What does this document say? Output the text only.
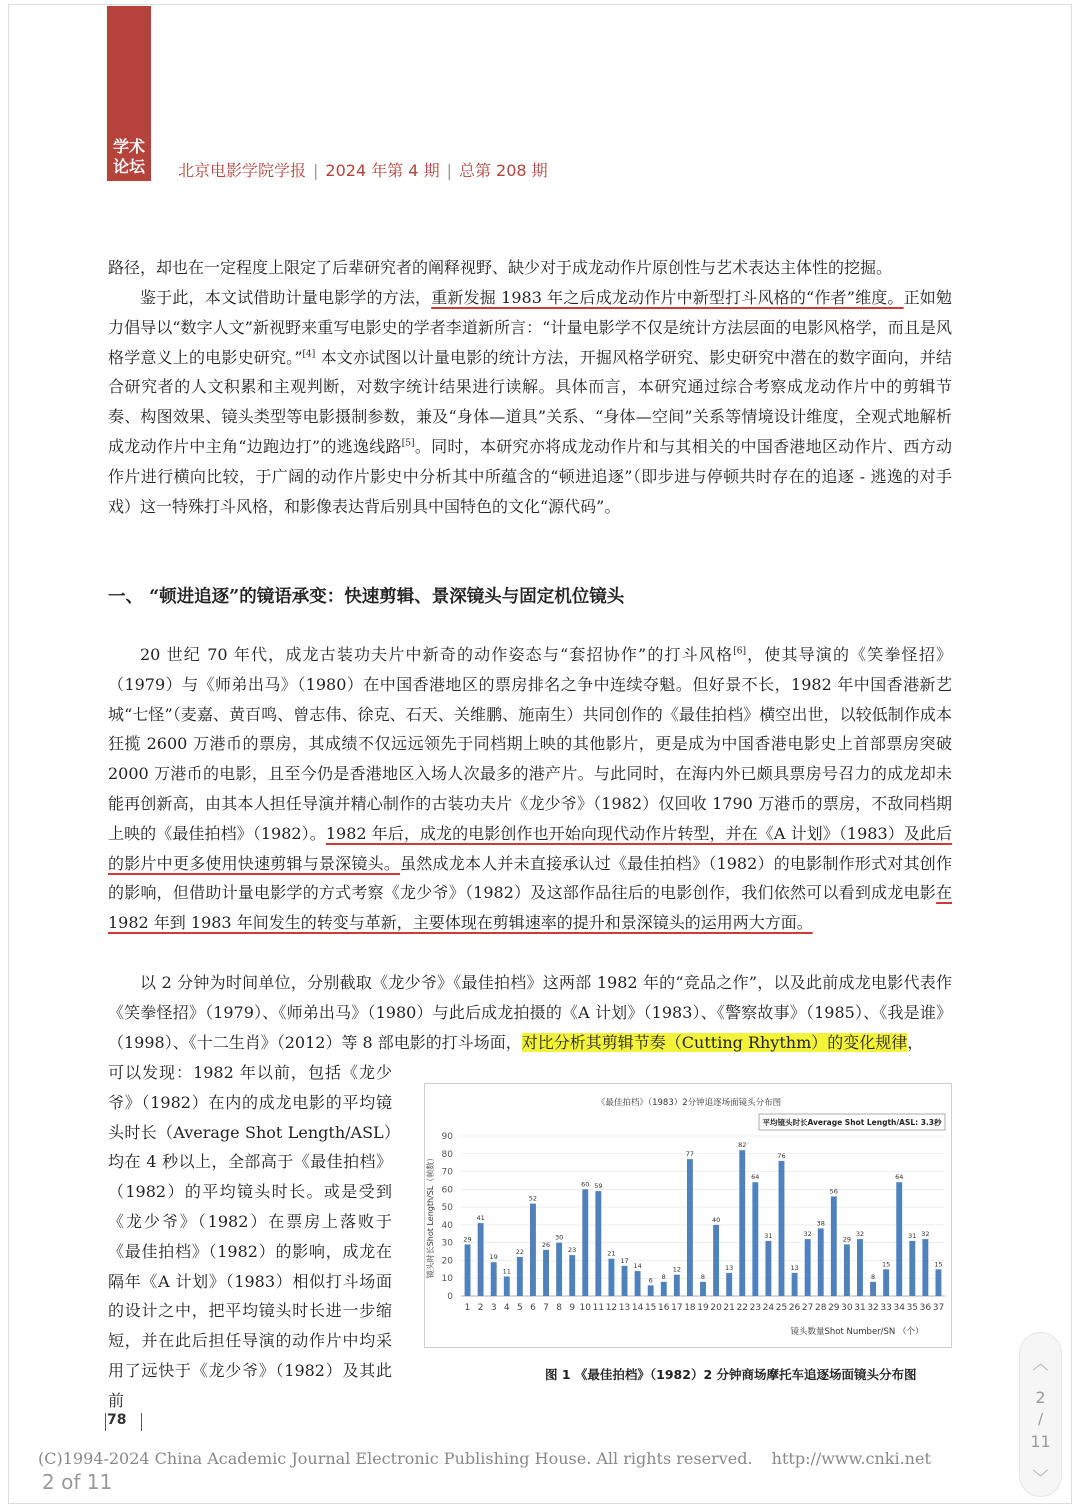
学术论坛	北京电影学院学报 | 2024 年第 4 期 | 总第 208 期

路径，却也在一定程度上限定了后辈研究者的阐释视野、缺少对于成龙动作片原创性与艺术表达主体性的挖掘。

鉴于此，本文试借助计量电影学的方法，重新发掘 1983 年之后成龙动作片中新型打斗风格的“作者”维度。正如勉力倡导以“数字人文”新视野来重写电影史的学者李道新所言：“计量电影学不仅是统计方法层面的电影风格学，而且是风格学意义上的电影史研究。”[4] 本文亦试图以计量电影的统计方法，开掘风格学研究、影史研究中潜在的数字面向，并结合研究者的人文积累和主观判断，对数字统计结果进行读解。具体而言，本研究通过综合考察成龙动作片中的剪辑节奏、构图效果、镜头类型等电影摄制参数，兼及“身体—道具”关系、“身体—空间”关系等情境设计维度，全观式地解析成龙动作片中主角“边跑边打”的逃逸线路[5]。同时，本研究亦将成龙动作片和与其相关的中国香港地区动作片、西方动作片进行横向比较，于广阔的动作片影史中分析其中所蕴含的“顿进追逐”（即步进与停顿共时存在的追逐 - 逃逸的对手戏）这一特殊打斗风格，和影像表达背后别具中国特色的文化“源代码”。

一、 “顿进追逐”的镜语承变：快速剪辑、景深镜头与固定机位镜头

20 世纪 70 年代，成龙古装功夫片中新奇的动作姿态与“套招协作”的打斗风格[6]，使其导演的《笑拳怪招》（1979）与《师弟出马》（1980）在中国香港地区的票房排名之争中连续夺魁。但好景不长，1982 年中国香港新艺城“七怪”（麦嘉、黄百鸣、曾志伟、徐克、石天、关维鹏、施南生）共同创作的《最佳拍档》横空出世，以较低制作成本狂揽 2600 万港币的票房，其成绩不仅远远领先于同档期上映的其他影片，更是成为中国香港电影史上首部票房突破 2000 万港币的电影，且至今仍是香港地区入场人次最多的港产片。与此同时，在海内外已颇具票房号召力的成龙却未能再创新高，由其本人担任导演并精心制作的古装功夫片《龙少爷》（1982）仅回收 1790 万港币的票房，不敌同档期上映的《最佳拍档》（1982）。1982 年后，成龙的电影创作也开始向现代动作片转型，并在《A 计划》（1983）及此后的影片中更多使用快速剪辑与景深镜头。虽然成龙本人并未直接承认过《最佳拍档》（1982）的电影制作形式对其创作的影响，但借助计量电影学的方式考察《龙少爷》（1982）及这部作品往后的电影创作，我们依然可以看到成龙电影在 1982 年到 1983 年间发生的转变与革新，主要体现在剪辑速率的提升和景深镜头的运用两大方面。

以 2 分钟为时间单位，分别截取《龙少爷》《最佳拍档》这两部 1982 年的“竞品之作”，以及此前成龙电影代表作《笑拳怪招》（1979）、《师弟出马》（1980）与此后成龙拍摄的《A 计划》（1983）、《警察故事》（1985）、《我是谁》（1998）、《十二生肖》（2012）等 8 部电影的打斗场面，对比分析其剪辑节奏（Cutting Rhythm）的变化规律，

可以发现：1982 年以前，包括《龙少爷》（1982）在内的成龙电影的平均镜头时长（Average Shot Length/ASL）均在 4 秒以上，全部高于《最佳拍档》（1982）的平均镜头时长。或是受到《龙少爷》（1982）在票房上落败于《最佳拍档》（1982）的影响，成龙在隔年《A 计划》（1983）相似打斗场面的设计之中，把平均镜头时长进一步缩短，并在此后担任导演的动作片中均采用了远快于《龙少爷》（1982）及其此前

《最佳拍档》（1983）2分钟追逐场面镜头分布图
平均镜头时长Average Shot Length/ASL: 3.3秒
0
10
20
30
40
50
60
70
80
90
29
1
41
2
19
3
11
4
22
5
52
6
26
7
30
8
23
9
60
10
59
11
21
12
17
13
14
14
6
15
8
16
12
17
77
18
8
19
40
20
13
21
82
22
64
23
31
24
76
25
13
26
32
27
38
28
56
29
29
30
32
31
8
32
15
33
64
34
31
35
32
36
15
37
镜头数量Shot Number/SN （个）
镜头时长Shot Length/SL（帧数）
图 1 《最佳拍档》（1982）2 分钟商场摩托车追逐场面镜头分布图
78
(C)1994-2024 China Academic Journal Electronic Publishing House. All rights reserved. http://www.cnki.net
2 of 11
︿
2
/
11
﹀
